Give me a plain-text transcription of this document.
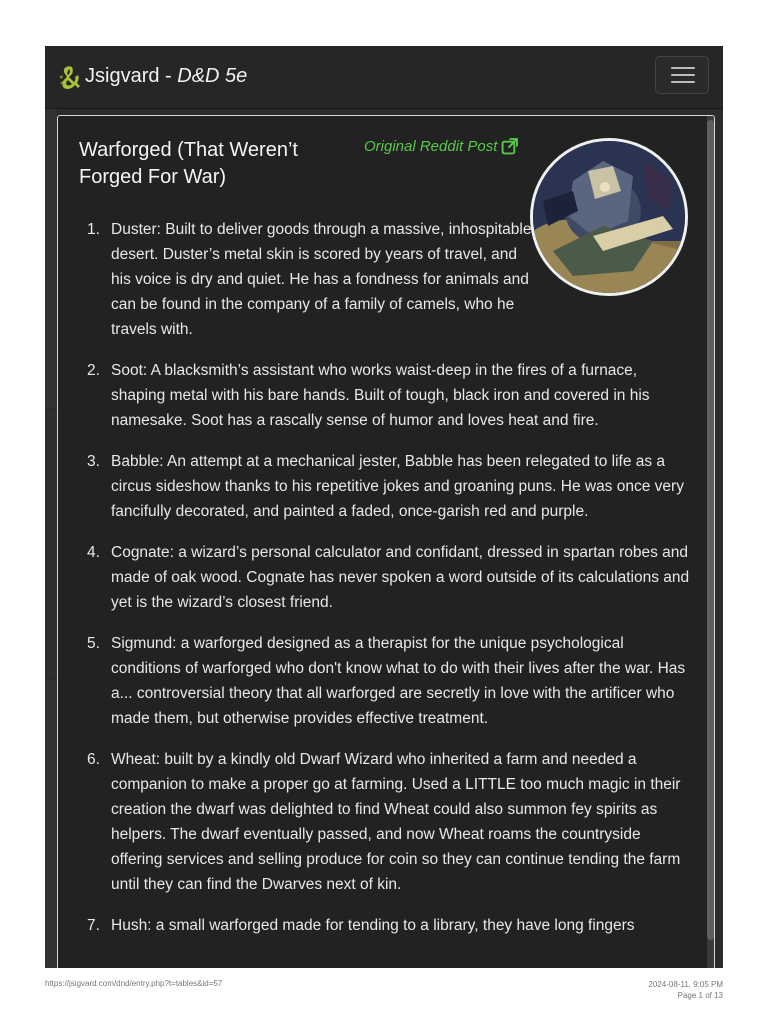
Jsigvard - D&D 5e
Warforged (That Weren’t Forged For War)
Original Reddit Post
1. Duster: Built to deliver goods through a massive, inhospitable desert. Duster’s metal skin is scored by years of travel, and his voice is dry and quiet. He has a fondness for animals and can be found in the company of a family of camels, who he travels with.
2. Soot: A blacksmith’s assistant who works waist-deep in the fires of a furnace, shaping metal with his bare hands. Built of tough, black iron and covered in his namesake. Soot has a rascally sense of humor and loves heat and fire.
3. Babble: An attempt at a mechanical jester, Babble has been relegated to life as a circus sideshow thanks to his repetitive jokes and groaning puns. He was once very fancifully decorated, and painted a faded, once-garish red and purple.
4. Cognate: a wizard’s personal calculator and confidant, dressed in spartan robes and made of oak wood. Cognate has never spoken a word outside of its calculations and yet is the wizard’s closest friend.
5. Sigmund: a warforged designed as a therapist for the unique psychological conditions of warforged who don't know what to do with their lives after the war. Has a... controversial theory that all warforged are secretly in love with the artificer who made them, but otherwise provides effective treatment.
6. Wheat: built by a kindly old Dwarf Wizard who inherited a farm and needed a companion to make a proper go at farming. Used a LITTLE too much magic in their creation the dwarf was delighted to find Wheat could also summon fey spirits as helpers. The dwarf eventually passed, and now Wheat roams the countryside offering services and selling produce for coin so they can continue tending the farm until they can find the Dwarves next of kin.
7. Hush: a small warforged made for tending to a library, they have long fingers
https://jsigvard.com/dnd/entry.php?t=tables&id=57	2024-08-11, 9:05 PM
Page 1 of 13
